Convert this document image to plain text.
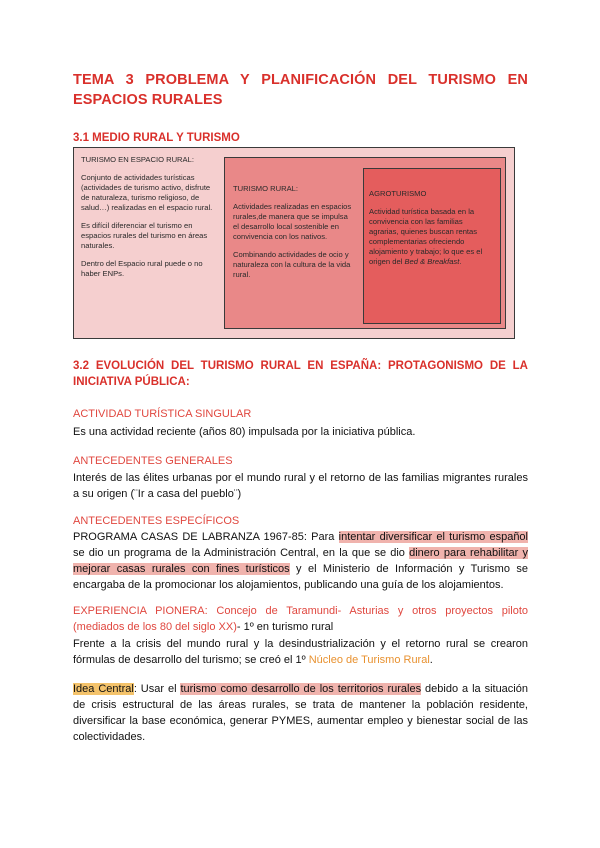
TEMA 3 PROBLEMA Y PLANIFICACIÓN DEL TURISMO EN ESPACIOS RURALES
3.1 MEDIO RURAL Y TURISMO

TURISMO EN ESPACIO RURAL:

Conjunto de actividades turísticas (actividades de turismo activo, disfrute de naturaleza, turismo religioso, de salud…) realizadas en el espacio rural.

Es difícil diferenciar el turismo en espacios rurales del turismo en áreas naturales.

Dentro del Espacio rural puede o no haber ENPs.

TURISMO RURAL:

Actividades realizadas en espacios rurales,de manera que se impulsa el desarrollo local sostenible en convivencia con los nativos.

Combinando actividades de ocio y naturaleza con la cultura de la vida rural.

AGROTURISMO

Actividad turística basada en la convivencia con las familias agrarias, quienes buscan rentas complementarias ofreciendo alojamiento y trabajo; lo que es el origen del Bed & Breakfast.

3.2 EVOLUCIÓN DEL TURISMO RURAL EN ESPAÑA: PROTAGONISMO DE LA INICIATIVA PÚBLICA:
ACTIVIDAD TURÍSTICA SINGULAR
Es una actividad reciente (años 80) impulsada por la iniciativa pública.
ANTECEDENTES GENERALES
Interés de las élites urbanas por el mundo rural y el retorno de las familias migrantes rurales a su origen (¨Ir a casa del pueblo¨)
ANTECEDENTES ESPECÍFICOS
PROGRAMA CASAS DE LABRANZA 1967-85: Para intentar diversificar el turismo español se dio un programa de la Administración Central, en la que se dio dinero para rehabilitar y mejorar casas rurales con fines turísticos y el Ministerio de Información y Turismo se encargaba de la promocionar los alojamientos, publicando una guía de los alojamientos.
EXPERIENCIA PIONERA: Concejo de Taramundi- Asturias y otros proyectos piloto (mediados de los 80 del siglo XX)- 1º en turismo rural
Frente a la crisis del mundo rural y la desindustrialización y el retorno rural se crearon fórmulas de desarrollo del turismo; se creó el 1º Núcleo de Turismo Rural.
Idea Central: Usar el turismo como desarrollo de los territorios rurales debido a la situación de crisis estructural de las áreas rurales, se trata de mantener la población residente, diversificar la base económica, generar PYMES, aumentar empleo y bienestar social de las colectividades.
